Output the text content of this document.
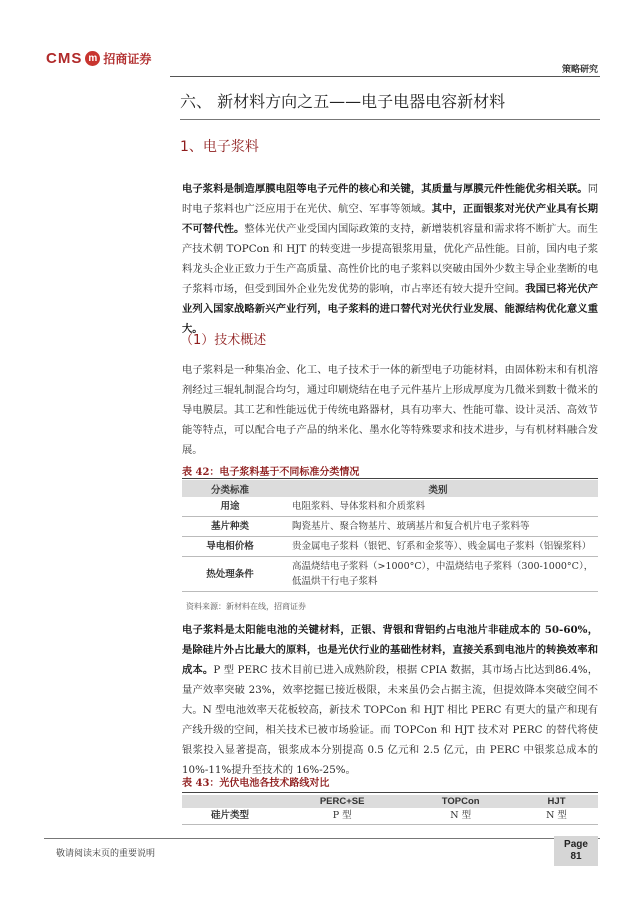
CMS m 招商证券
策略研究
六、 新材料方向之五——电子电器电容新材料
1、电子浆料
电子浆料是制造厚膜电阻等电子元件的核心和关键，其质量与厚膜元件性能优劣相关联。同时电子浆料也广泛应用于在光伏、航空、军事等领域。其中，正面银浆对光伏产业具有长期不可替代性。整体光伏产业受国内国际政策的支持，新增装机容量和需求将不断扩大。而生产技术朝 TOPCon 和 HJT 的转变进一步提高银浆用量，优化产品性能。目前，国内电子浆料龙头企业正致力于生产高质量、高性价比的电子浆料以突破由国外少数主导企业垄断的电子浆料市场，但受到国外企业先发优势的影响，市占率还有较大提升空间。我国已将光伏产业列入国家战略新兴产业行列，电子浆料的进口替代对光伏行业发展、能源结构优化意义重大。
（1）技术概述
电子浆料是一种集冶金、化工、电子技术于一体的新型电子功能材料，由固体粉末和有机溶剂经过三辊轧制混合均匀，通过印刷烧结在电子元件基片上形成厚度为几微米到数十微米的导电膜层。其工艺和性能远优于传统电路器材，具有功率大、性能可靠、设计灵活、高效节能等特点，可以配合电子产品的纳米化、墨水化等特殊要求和技术进步，与有机材料融合发展。
表 42：电子浆料基于不同标准分类情况
分类标准	类别
用途	电阻浆料、导体浆料和介质浆料
基片种类	陶瓷基片、聚合物基片、玻璃基片和复合机片电子浆料等
导电相价格	贵金属电子浆料（银钯、钌系和金浆等）、贱金属电子浆料（铝镍浆料）
热处理条件	高温烧结电子浆料（>1000°C），中温烧结电子浆料（300-1000°C），低温烘干行电子浆料
资料来源：新材料在线，招商证券
电子浆料是太阳能电池的关键材料，正银、背银和背铝约占电池片非硅成本的 50-60%，是除硅片外占比最大的原料，也是光伏行业的基础性材料，直接关系到电池片的转换效率和成本。P 型 PERC 技术目前已进入成熟阶段，根据 CPIA 数据，其市场占比达到86.4%，量产效率突破 23%，效率挖掘已接近极限，未来虽仍会占据主流，但提效降本突破空间不大。N 型电池效率天花板较高，新技术 TOPCon 和 HJT 相比 PERC 有更大的量产和现有产线升级的空间，相关技术已被市场验证。而 TOPCon 和 HJT 技术对 PERC 的替代将使银浆投入显著提高，银浆成本分别提高 0.5 亿元和 2.5 亿元，由 PERC 中银浆总成本的 10%-11%提升至技术的 16%-25%。
表 43：光伏电池各技术路线对比
	PERC+SE	TOPCon	HJT
硅片类型	P 型	N 型	N 型
敬请阅读末页的重要说明
Page
81
